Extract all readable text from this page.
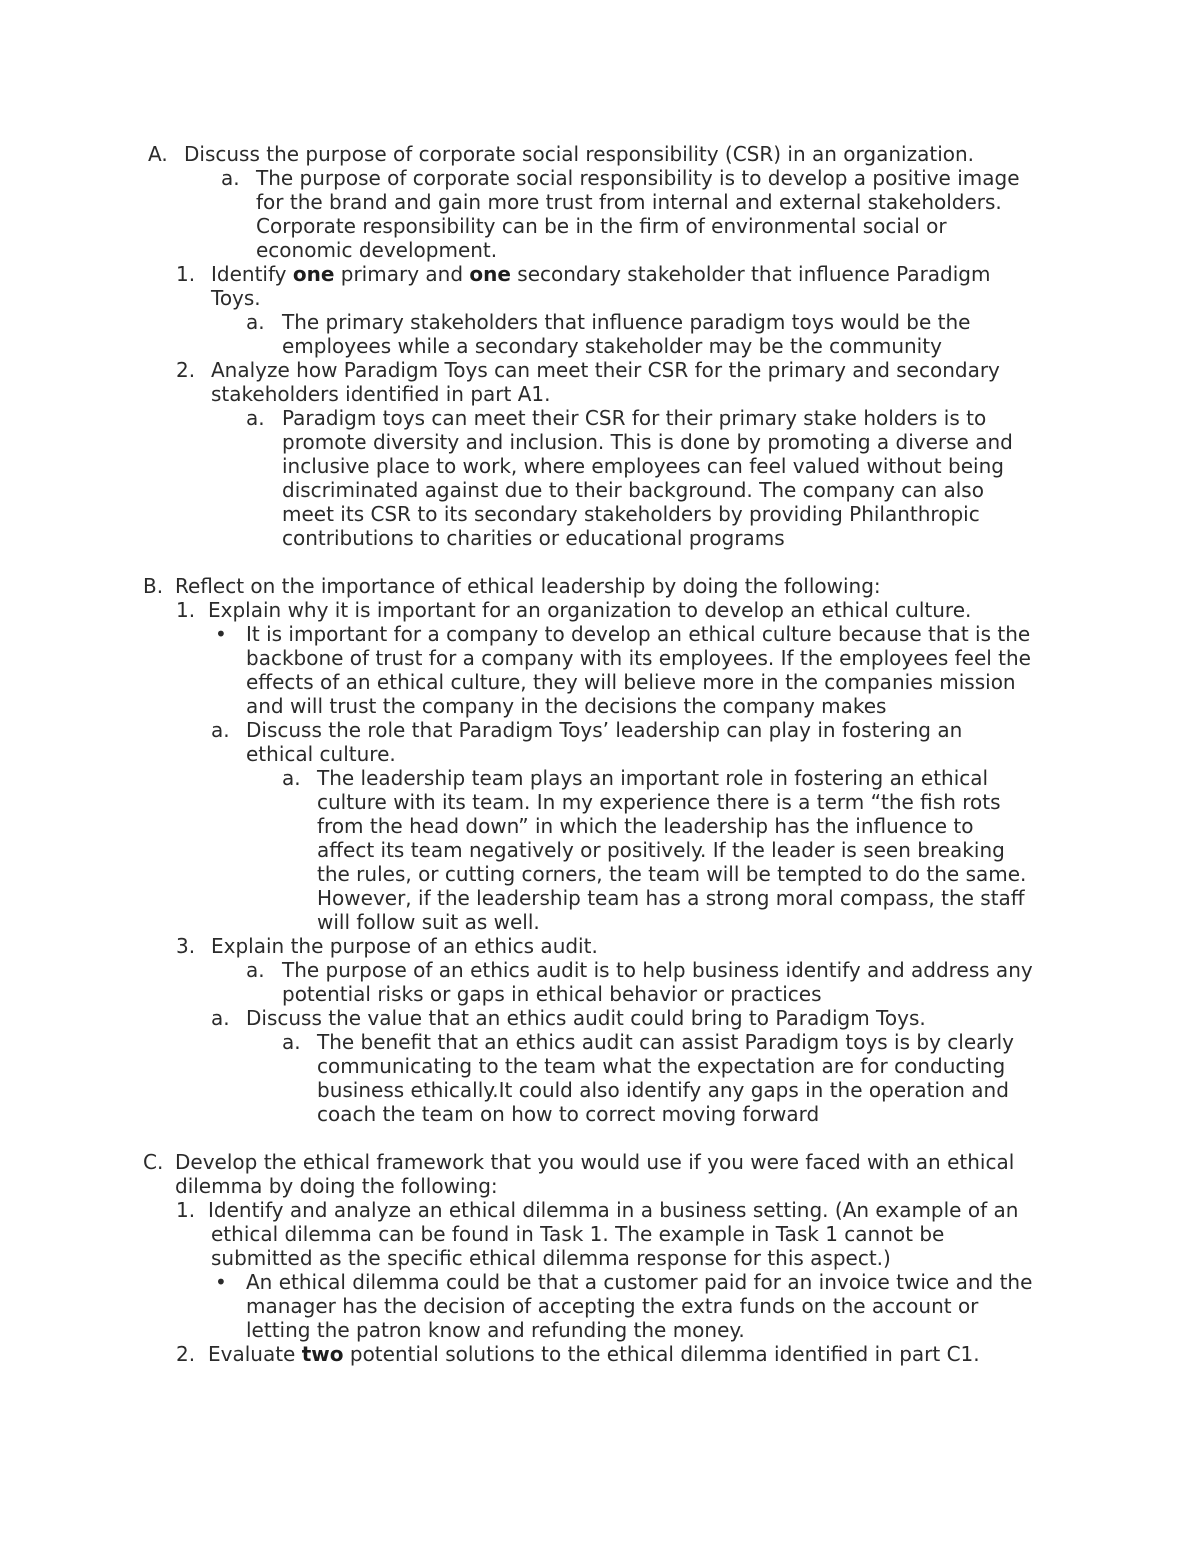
A. Discuss the purpose of corporate social responsibility (CSR) in an organization.
a. The purpose of corporate social responsibility is to develop a positive image
for the brand and gain more trust from internal and external stakeholders.
Corporate responsibility can be in the firm of environmental social or
economic development.
1. Identify one primary and one secondary stakeholder that influence Paradigm
Toys.
a. The primary stakeholders that influence paradigm toys would be the
employees while a secondary stakeholder may be the community
2. Analyze how Paradigm Toys can meet their CSR for the primary and secondary
stakeholders identified in part A1.
a. Paradigm toys can meet their CSR for their primary stake holders is to
promote diversity and inclusion. This is done by promoting a diverse and
inclusive place to work, where employees can feel valued without being
discriminated against due to their background. The company can also
meet its CSR to its secondary stakeholders by providing Philanthropic
contributions to charities or educational programs
B. Reflect on the importance of ethical leadership by doing the following:
1. Explain why it is important for an organization to develop an ethical culture.
• It is important for a company to develop an ethical culture because that is the
backbone of trust for a company with its employees. If the employees feel the
effects of an ethical culture, they will believe more in the companies mission
and will trust the company in the decisions the company makes
a. Discuss the role that Paradigm Toys’ leadership can play in fostering an
ethical culture.
a. The leadership team plays an important role in fostering an ethical
culture with its team. In my experience there is a term “the fish rots
from the head down” in which the leadership has the influence to
affect its team negatively or positively. If the leader is seen breaking
the rules, or cutting corners, the team will be tempted to do the same.
However, if the leadership team has a strong moral compass, the staff
will follow suit as well.
3. Explain the purpose of an ethics audit.
a. The purpose of an ethics audit is to help business identify and address any
potential risks or gaps in ethical behavior or practices
a. Discuss the value that an ethics audit could bring to Paradigm Toys.
a. The benefit that an ethics audit can assist Paradigm toys is by clearly
communicating to the team what the expectation are for conducting
business ethically.It could also identify any gaps in the operation and
coach the team on how to correct moving forward
C. Develop the ethical framework that you would use if you were faced with an ethical
dilemma by doing the following:
1. Identify and analyze an ethical dilemma in a business setting. (An example of an
ethical dilemma can be found in Task 1. The example in Task 1 cannot be
submitted as the specific ethical dilemma response for this aspect.)
• An ethical dilemma could be that a customer paid for an invoice twice and the
manager has the decision of accepting the extra funds on the account or
letting the patron know and refunding the money.
2. Evaluate two potential solutions to the ethical dilemma identified in part C1.
